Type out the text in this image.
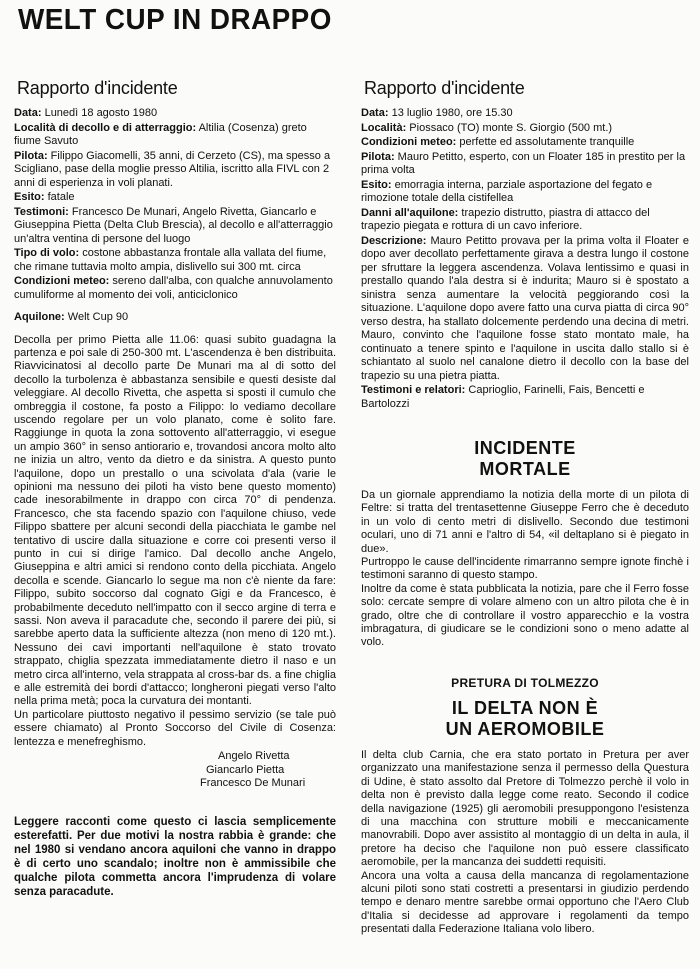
WELT CUP IN DRAPPO
Rapporto d'incidente
Data: Lunedì 18 agosto 1980
Località di decollo e di atterraggio: Altilia (Cosenza) greto fiume Savuto
Pilota: Filippo Giacomelli, 35 anni, di Cerzeto (CS), ma spesso a Scigliano, pase della moglie presso Altilia, iscritto alla FIVL con 2 anni di esperienza in voli planati.
Esito: fatale
Testimoni: Francesco De Munari, Angelo Rivetta, Giancarlo e Giuseppina Pietta (Delta Club Brescia), al decollo e all'atterraggio un'altra ventina di persone del luogo
Tipo di volo: costone abbastanza frontale alla vallata del fiume, che rimane tuttavia molto ampia, dislivello sui 300 mt. circa
Condizioni meteo: sereno dall'alba, con qualche annuvolamento cumuliforme al momento dei voli, anticiclonico
Aquilone: Welt Cup 90

Decolla per primo Pietta alle 11.06: quasi subito guadagna la partenza e poi sale di 250-300 mt. L'ascendenza è ben distribuita. Riavvicinatosi al decollo parte De Munari ma al di sotto del decollo la turbolenza è abbastanza sensibile e questi desiste dal veleggiare. Al decollo Rivetta, che aspetta si sposti il cumulo che ombreggia il costone, fa posto a Filippo: lo vediamo decollare uscendo regolare per un volo planato, come è solito fare. Raggiunge in quota la zona sottovento all'atterraggio, vi esegue un ampio 360° in senso antiorario e, trovandosi ancora molto alto ne inizia un altro, vento da dietro e da sinistra. A questo punto l'aquilone, dopo un prestallo o una scivolata d'ala (varie le opinioni ma nessuno dei piloti ha visto bene questo momento) cade inesorabilmente in drappo con circa 70° di pendenza. Francesco, che sta facendo spazio con l'aquilone chiuso, vede Filippo sbattere per alcuni secondi della piacchiata le gambe nel tentativo di uscire dalla situazione e corre coi presenti verso il punto in cui si dirige l'amico. Dal decollo anche Angelo, Giuseppina e altri amici si rendono conto della picchiata. Angelo decolla e scende. Giancarlo lo segue ma non c'è niente da fare: Filippo, subito soccorso dal cognato Gigi e da Francesco, è probabilmente deceduto nell'impatto con il secco argine di terra e sassi. Non aveva il paracadute che, secondo il parere dei più, si sarebbe aperto data la sufficiente altezza (non meno di 120 mt.). Nessuno dei cavi importanti nell'aquilone è stato trovato strappato, chiglia spezzata immediatamente dietro il naso e un metro circa all'interno, vela strappata al cross-bar ds. a fine chiglia e alle estremità dei bordi d'attacco; longheroni piegati verso l'alto nella prima metà; poca la curvatura dei montanti.

Un particolare piuttosto negativo il pessimo servizio (se tale può essere chiamato) al Pronto Soccorso del Civile di Cosenza: lentezza e menefreghismo.

Angelo Rivetta
Giancarlo Pietta
Francesco De Munari

Leggere racconti come questo ci lascia semplicemente esterefatti. Per due motivi la nostra rabbia è grande: che nel 1980 si vendano ancora aquiloni che vanno in drappo è di certo uno scandalo; inoltre non è ammissibile che qualche pilota commetta ancora l'imprudenza di volare senza paracadute.

Rapporto d'incidente
Data: 13 luglio 1980, ore 15.30
Località: Piossaco (TO) monte S. Giorgio (500 mt.)
Condizioni meteo: perfette ed assolutamente tranquille
Pilota: Mauro Petitto, esperto, con un Floater 185 in prestito per la prima volta
Esito: emorragia interna, parziale asportazione del fegato e rimozione totale della cistifellea
Danni all'aquilone: trapezio distrutto, piastra di attacco del trapezio piegata e rottura di un cavo inferiore.
Descrizione: Mauro Petitto provava per la prima volta il Floater e dopo aver decollato perfettamente girava a destra lungo il costone per sfruttare la leggera ascendenza. Volava lentissimo e quasi in prestallo quando l'ala destra si è indurita; Mauro si è spostato a sinistra senza aumentare la velocità peggiorando così la situazione. L'aquilone dopo avere fatto una curva piatta di circa 90° verso destra, ha stallato dolcemente perdendo una decina di metri. Mauro, convinto che l'aquilone fosse stato montato male, ha continuato a tenere spinto e l'aquilone in uscita dallo stallo si è schiantato al suolo nel canalone dietro il decollo con la base del trapezio su una pietra piatta.
Testimoni e relatori: Caprioglio, Farinelli, Fais, Bencetti e Bartolozzi
INCIDENTE
MORTALE

Da un giornale apprendiamo la notizia della morte di un pilota di Feltre: si tratta del trentasettenne Giuseppe Ferro che è deceduto in un volo di cento metri di dislivello. Secondo due testimoni oculari, uno di 71 anni e l'altro di 54, «il deltaplano si è piegato in due».

Purtroppo le cause dell'incidente rimarranno sempre ignote finchè i testimoni saranno di questo stampo.

Inoltre da come è stata pubblicata la notizia, pare che il Ferro fosse solo: cercate sempre di volare almeno con un altro pilota che è in grado, oltre che di controllare il vostro apparecchio e la vostra imbragatura, di giudicare se le condizioni sono o meno adatte al volo.

PRETURA DI TOLMEZZO
IL DELTA NON È
UN AEROMOBILE

Il delta club Carnia, che era stato portato in Pretura per aver organizzato una manifestazione senza il permesso della Questura di Udine, è stato assolto dal Pretore di Tolmezzo perchè il volo in delta non è previsto dalla legge come reato. Secondo il codice della navigazione (1925) gli aeromobili presuppongono l'esistenza di una macchina con strutture mobili e meccanicamente manovrabili. Dopo aver assistito al montaggio di un delta in aula, il pretore ha deciso che l'aquilone non può essere classificato aeromobile, per la mancanza dei suddetti requisiti.

Ancora una volta a causa della mancanza di regolamentazione alcuni piloti sono stati costretti a presentarsi in giudizio perdendo tempo e denaro mentre sarebbe ormai opportuno che l'Aero Club d'Italia si decidesse ad approvare i regolamenti da tempo presentati dalla Federazione Italiana volo libero.
